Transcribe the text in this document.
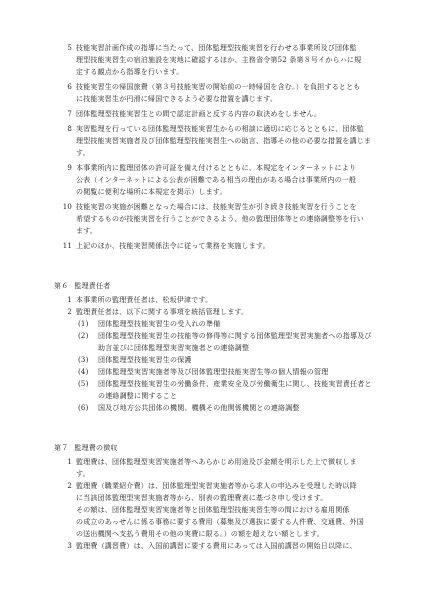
5 技能実習計画作成の指導に当たって、団体監理型技能実習を行わせる事業所及び団体監
理型技能実習生の宿泊施設を実地に確認するほか、主務省令第52 条第８号イからハに規
定する観点から指導を行います。

6 技能実習生の帰国旅費（第３号技能実習の開始前の一時帰国を含む。）を負担するととも
に技能実習生が円滑に帰国できるよう必要な措置を講じます。

7 団体監理型技能実習生との間で認定計画と反する内容の取決めをしません。

8 実習監理を行っている団体監理型技能実習生からの相談に適切に応じるとともに、団体監
理型技能実習実施者及び団体監理型技能実習生への助言、指導その他の必要な措置を講じます。

9 本事業所内に監理団体の許可証を備え付けるとともに、本規定をインターネットにより
公表（インターネットによる公表が困難である相当の理由がある場合は事業所内の一般
の閲覧に便利な場所に本規定を掲示）します。

10 技能実習の実施が困難となった場合には、技能実習生が引き続き技能実習を行うことを
希望するものが技能実習を行うことができるよう、他の監理団体等との連絡調整等を行い
ます。

11 上記のほか、技能実習関係法令に従って業務を実施します。

第６ 監理責任者

1 本事業所の監理責任者は、松坂伊津です。

2 監理責任者は、以下に関する事項を統括管理します。

(1) 団体監理型技能実習生の受入れの準備

(2) 団体監理型技能実習生の技能等の修得等に関する団体監理型実習実施者への指導及び助言並びに団体監理型実習実施者との連絡調整

(3) 団体監理型技能実習生の保護

(4) 団体監理型実習実施者等及び団体監理型技能実習生等の個人情報の管理

(5) 団体監理型技能実習生の労働条件、産業安全及び労働衛生に関し、技能実習責任者との連絡調整に関すること

(6) 国及び地方公共団体の機関、機構その他関係機関との連絡調整

第７ 監理費の徴収

1 監理費は、団体監理型実習実施者等へあらかじめ用途及び金額を明示した上で徴収しま
す。

2 監理費（職業紹介費）は、団体監理型実習実施者等から求人の申込みを受理した時以降
に当該団体監理型実習実施者等から、別表の監理費表に基づき申し受けます。
その額は、団体監理型実習実施者等と団体監理型技能実習生等の間における雇用関係
の成立のあっせんに係る事務に要する費用（募集及び選抜に要する人件費、交通費、外国
の送出機関へ支払う費用その他の実費に限る。）の額を超えない額とします。

3 監理費（講習費）は、入国前講習に要する費用にあっては入国前講習の開始日以降に、
